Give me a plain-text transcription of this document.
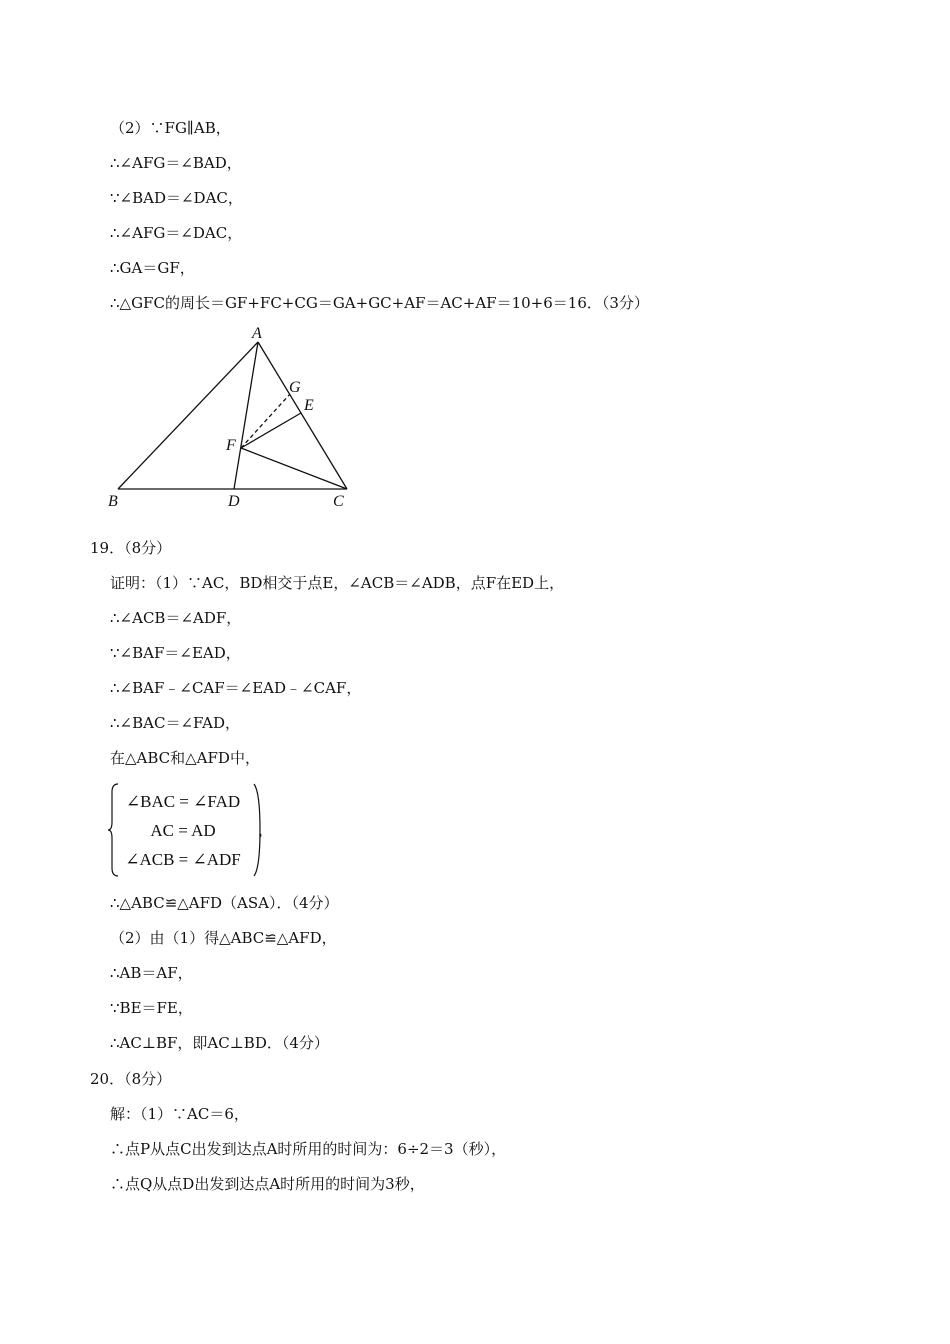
（2）∵FG∥AB，
∴∠AFG＝∠BAD，
∵∠BAD＝∠DAC，
∴∠AFG＝∠DAC，
∴GA＝GF，
∴△GFC的周长＝GF+FC+CG＝GA+GC+AF＝AC+AF＝10+6＝16．（3分）
A
B	C
D
E
F
G
19．（8分）
证明：（1）∵AC，BD相交于点E，∠ACB＝∠ADB，点F在ED上，
∴∠ACB＝∠ADF，
∵∠BAF＝∠EAD，
∴∠BAF﹣∠CAF＝∠EAD﹣∠CAF，
∴∠BAC＝∠FAD，
在△ABC和△AFD中，
∠BAC = ∠FAD
AC = AD
∠ACB = ∠ADF
，
∴△ABC≌△AFD（ASA）．（4分）
（2）由（1）得△ABC≌△AFD，
∴AB＝AF，
∵BE＝FE，
∴AC⊥BF，即AC⊥BD．（4分）
20．（8分）
解：（1）∵AC＝6，
∴点P从点C出发到达点A时所用的时间为：6÷2＝3（秒），
∴点Q从点D出发到达点A时所用的时间为3秒，
